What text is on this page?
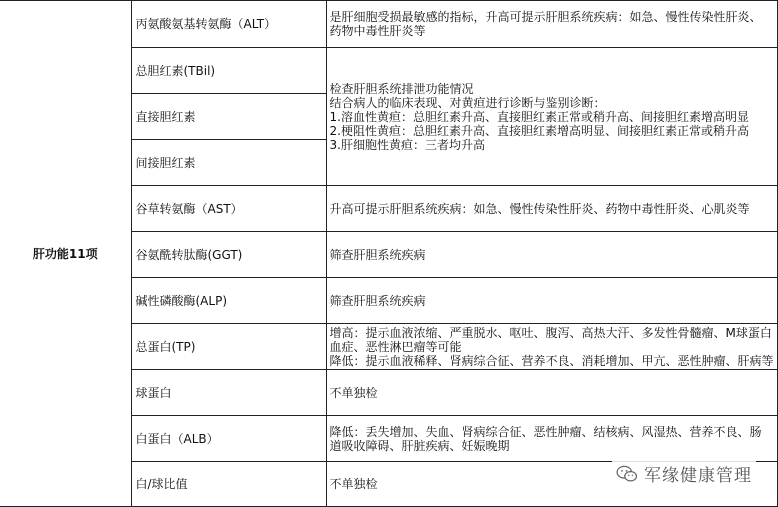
肝功能11项	丙氨酸氨基转氨酶（ALT）	是肝细胞受损最敏感的指标，升高可提示肝胆系统疾病：如急、慢性传染性肝炎、
药物中毒性肝炎等

	总胆红素(TBil)	检查肝胆系统排泄功能情况
结合病人的临床表现、对黄疸进行诊断与鉴别诊断：
1.溶血性黄疸：总胆红素升高、直接胆红素正常或稍升高、间接胆红素增高明显
2.梗阻性黄疸：总胆红素升高、直接胆红素增高明显、间接胆红素正常或稍升高
3.肝细胞性黄疸：三者均升高

	直接胆红素	
	间接胆红素	
	谷草转氨酶（AST）	升高可提示肝胆系统疾病：如急、慢性传染性肝炎、药物中毒性肝炎、心肌炎等

	谷氨酰转肽酶(GGT)	筛查肝胆系统疾病

	碱性磷酸酶(ALP)	筛查肝胆系统疾病

	总蛋白(TP)	增高：提示血液浓缩、严重脱水、呕吐、腹泻、高热大汗、多发性骨髓瘤、M球蛋白
血症、恶性淋巴瘤等可能
降低：提示血液稀释、肾病综合征、营养不良、消耗增加、甲亢、恶性肿瘤、肝病等

	球蛋白	不单独检

	白蛋白（ALB）	降低：丢失增加、失血、肾病综合征、恶性肿瘤、结核病、风湿热、营养不良、肠
道吸收障碍、肝脏疾病、妊娠晚期

	白/球比值	不单独检	军缘健康管理
